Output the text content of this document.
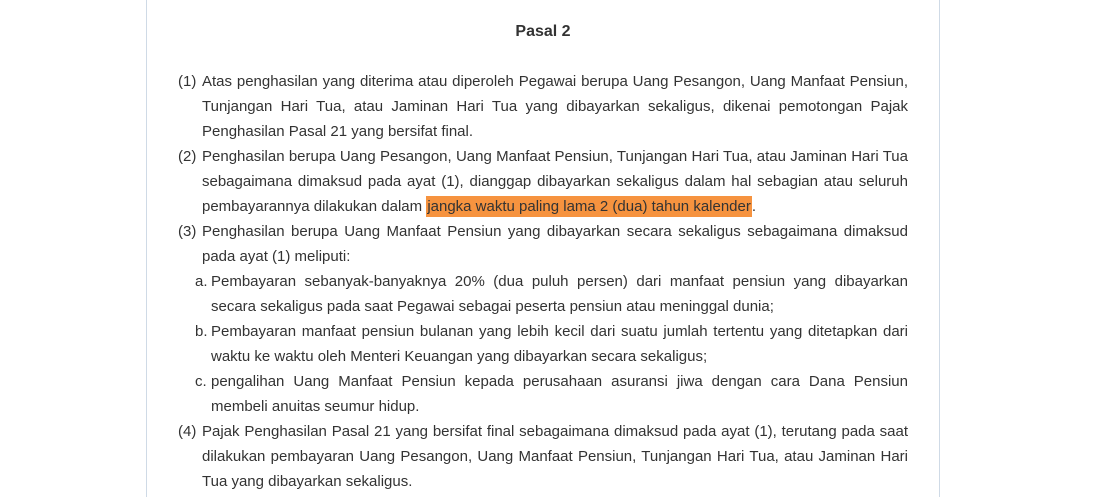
Pasal 2
(1) Atas penghasilan yang diterima atau diperoleh Pegawai berupa Uang Pesangon, Uang Manfaat Pensiun, Tunjangan Hari Tua, atau Jaminan Hari Tua yang dibayarkan sekaligus, dikenai pemotongan Pajak Penghasilan Pasal 21 yang bersifat final.
(2) Penghasilan berupa Uang Pesangon, Uang Manfaat Pensiun, Tunjangan Hari Tua, atau Jaminan Hari Tua sebagaimana dimaksud pada ayat (1), dianggap dibayarkan sekaligus dalam hal sebagian atau seluruh pembayarannya dilakukan dalam jangka waktu paling lama 2 (dua) tahun kalender.
(3) Penghasilan berupa Uang Manfaat Pensiun yang dibayarkan secara sekaligus sebagaimana dimaksud pada ayat (1) meliputi:
a. Pembayaran sebanyak-banyaknya 20% (dua puluh persen) dari manfaat pensiun yang dibayarkan secara sekaligus pada saat Pegawai sebagai peserta pensiun atau meninggal dunia;
b. Pembayaran manfaat pensiun bulanan yang lebih kecil dari suatu jumlah tertentu yang ditetapkan dari waktu ke waktu oleh Menteri Keuangan yang dibayarkan secara sekaligus;
c. pengalihan Uang Manfaat Pensiun kepada perusahaan asuransi jiwa dengan cara Dana Pensiun membeli anuitas seumur hidup.
(4) Pajak Penghasilan Pasal 21 yang bersifat final sebagaimana dimaksud pada ayat (1), terutang pada saat dilakukan pembayaran Uang Pesangon, Uang Manfaat Pensiun, Tunjangan Hari Tua, atau Jaminan Hari Tua yang dibayarkan sekaligus.
